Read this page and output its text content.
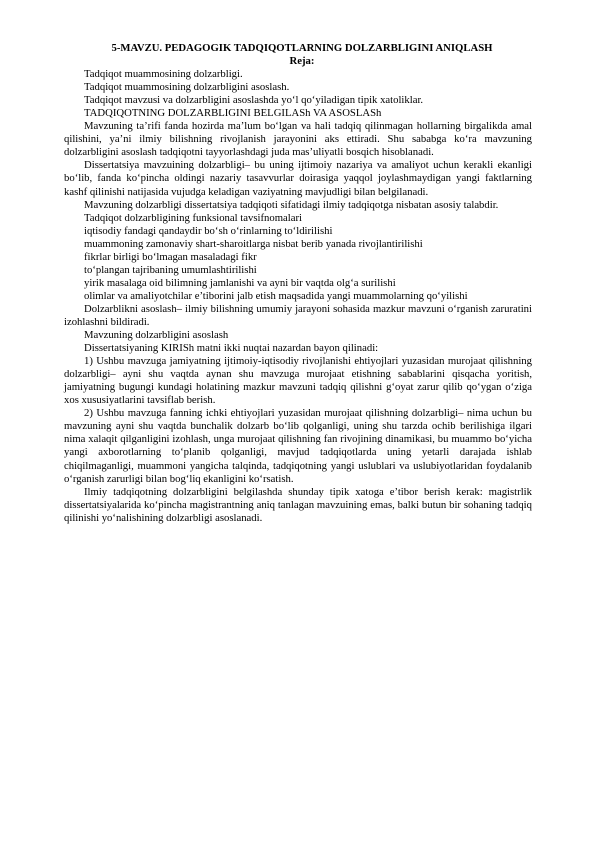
5-MAVZU. PEDAGOGIK TADQIQOTLARNING DOLZARBLIGINI ANIQLASH

Reja:

Tadqiqot muammosining dolzarbligi.

Tadqiqot muammosining dolzarbligini asoslash.

Tadqiqot mavzusi va dolzarbligini asoslashda yo‘l qo‘yiladigan tipik xatoliklar.

TADQIQOTNING DOLZARBLIGINI BELGILASh VA ASOSLASh

Mavzuning ta’rifi fanda hozirda ma’lum bo‘lgan va hali tadqiq qilinmagan hollarning birgalikda amal qilishini, ya’ni ilmiy bilishning rivojlanish jarayonini aks ettiradi. Shu sababga ko‘ra mavzuning dolzarbligini asoslash tadqiqotni tayyorlashdagi juda mas’uliyatli bosqich hisoblanadi.

Dissertatsiya mavzuining dolzarbligi– bu uning ijtimoiy nazariya va amaliyot uchun kerakli ekanligi bo‘lib, fanda ko‘pincha oldingi nazariy tasavvurlar doirasiga yaqqol joylashmaydigan yangi faktlarning kashf qilinishi natijasida vujudga keladigan vaziyatning mavjudligi bilan belgilanadi.

Mavzuning dolzarbligi dissertatsiya tadqiqoti sifatidagi ilmiy tadqiqotga nisbatan asosiy talabdir.

Tadqiqot dolzarbligining funksional tavsifnomalari

iqtisodiy fandagi qandaydir bo‘sh o‘rinlarning to‘ldirilishi

muammoning zamonaviy shart-sharoitlarga nisbat berib yanada rivojlantirilishi

fikrlar birligi bo‘lmagan masaladagi fikr

to‘plangan tajribaning umumlashtirilishi

yirik masalaga oid bilimning jamlanishi va ayni bir vaqtda olg‘a surilishi

olimlar va amaliyotchilar e’tiborini jalb etish maqsadida yangi muammolarning qo‘yilishi

Dolzarblikni asoslash– ilmiy bilishning umumiy jarayoni sohasida mazkur mavzuni o‘rganish zaruratini izohlashni bildiradi.

Mavzuning dolzarbligini asoslash

Dissertatsiyaning KIRISh matni ikki nuqtai nazardan bayon qilinadi:

1) Ushbu mavzuga jamiyatning ijtimoiy-iqtisodiy rivojlanishi ehtiyojlari yuzasidan murojaat qilishning dolzarbligi– ayni shu vaqtda aynan shu mavzuga murojaat etishning sabablarini qisqacha yoritish, jamiyatning bugungi kundagi holatining mazkur mavzuni tadqiq qilishni g‘oyat zarur qilib qo‘ygan o‘ziga xos xususiyatlarini tavsiflab berish.

2) Ushbu mavzuga fanning ichki ehtiyojlari yuzasidan murojaat qilishning dolzarbligi– nima uchun bu mavzuning ayni shu vaqtda bunchalik dolzarb bo‘lib qolganligi, uning shu tarzda ochib berilishiga ilgari nima xalaqit qilganligini izohlash, unga murojaat qilishning fan rivojining dinamikasi, bu muammo bo‘yicha yangi axborotlarning to‘planib qolganligi, mavjud tadqiqotlarda uning yetarli darajada ishlab chiqilmaganligi, muammoni yangicha talqinda, tadqiqotning yangi uslublari va uslubiyotlaridan foydalanib o‘rganish zarurligi bilan bog‘liq ekanligini ko‘rsatish.

Ilmiy tadqiqotning dolzarbligini belgilashda shunday tipik xatoga e’tibor berish kerak: magistrlik dissertatsiyalarida ko‘pincha magistrantning aniq tanlagan mavzuining emas, balki butun bir sohaning tadqiq qilinishi yo‘nalishining dolzarbligi asoslanadi.
